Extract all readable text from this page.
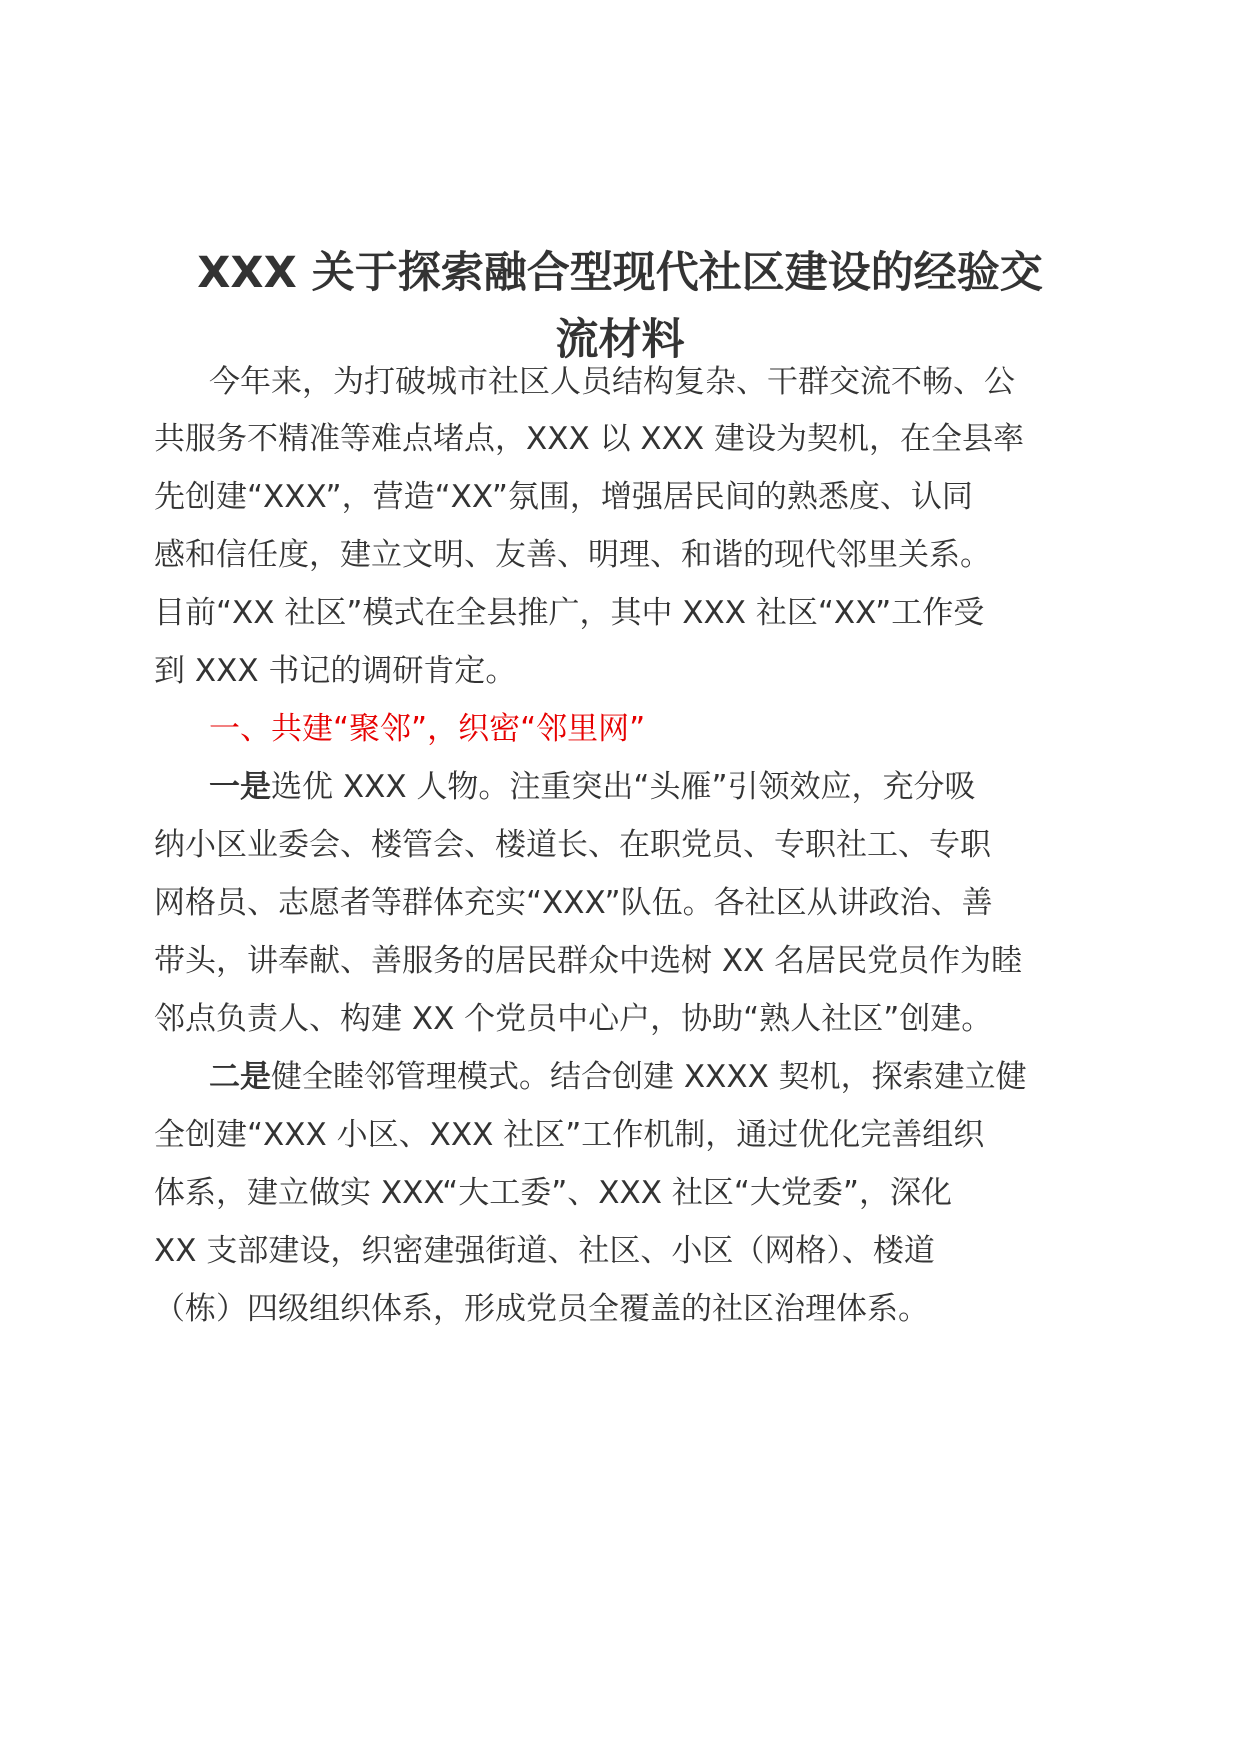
XXX 关于探索融合型现代社区建设的经验交
流材料

今年来，为打破城市社区人员结构复杂、干群交流不畅、公

共服务不精准等难点堵点，XXX 以 XXX 建设为契机，在全县率

先创建“XXX”，营造“XX”氛围，增强居民间的熟悉度、认同

感和信任度，建立文明、友善、明理、和谐的现代邻里关系。

目前“XX 社区”模式在全县推广，其中 XXX 社区“XX”工作受

到 XXX 书记的调研肯定。

一、共建“聚邻”，织密“邻里网”

一是选优 XXX 人物。注重突出“头雁”引领效应，充分吸

纳小区业委会、楼管会、楼道长、在职党员、专职社工、专职

网格员、志愿者等群体充实“XXX”队伍。各社区从讲政治、善

带头，讲奉献、善服务的居民群众中选树 XX 名居民党员作为睦

邻点负责人、构建 XX 个党员中心户，协助“熟人社区”创建。

二是健全睦邻管理模式。结合创建 XXXX 契机，探索建立健

全创建“XXX 小区、XXX 社区”工作机制，通过优化完善组织

体系，建立做实 XXX“大工委”、XXX 社区“大党委”，深化

XX 支部建设，织密建强街道、社区、小区（网格）、楼道

（栋）四级组织体系，形成党员全覆盖的社区治理体系。
